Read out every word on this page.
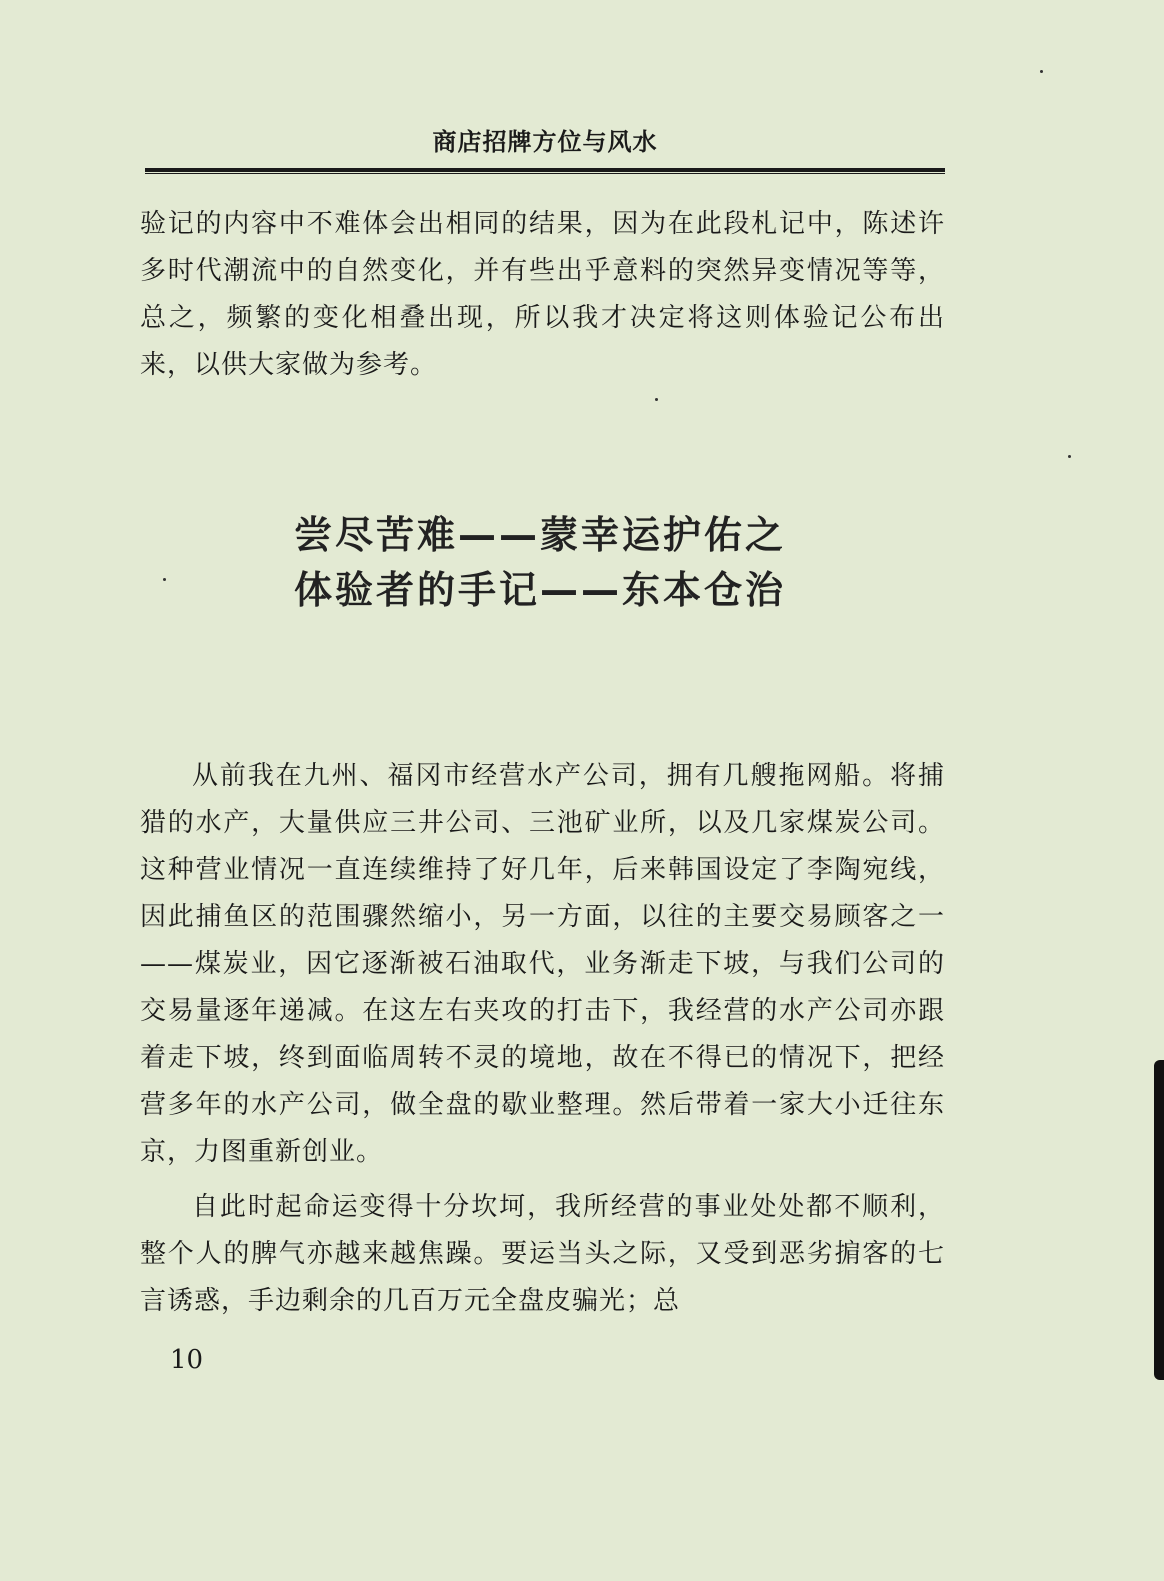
商店招牌方位与风水
验记的内容中不难体会出相同的结果，因为在此段札记中，陈述许多时代潮流中的自然变化，并有些出乎意料的突然异变情况等等，总之，频繁的变化相叠出现，所以我才决定将这则体验记公布出来，以供大家做为参考。
尝尽苦难——蒙幸运护佑之
体验者的手记——东本仓治

从前我在九州、福冈市经营水产公司，拥有几艘拖网船。将捕猎的水产，大量供应三井公司、三池矿业所，以及几家煤炭公司。这种营业情况一直连续维持了好几年，后来韩国设定了李陶宛线，因此捕鱼区的范围骤然缩小，另一方面，以往的主要交易顾客之一——煤炭业，因它逐渐被石油取代，业务渐走下坡，与我们公司的交易量逐年递减。在这左右夹攻的打击下，我经营的水产公司亦跟着走下坡，终到面临周转不灵的境地，故在不得已的情况下，把经营多年的水产公司，做全盘的歇业整理。然后带着一家大小迁往东京，力图重新创业。

自此时起命运变得十分坎坷，我所经营的事业处处都不顺利，整个人的脾气亦越来越焦躁。要运当头之际，又受到恶劣掮客的七言诱惑，手边剩余的几百万元全盘皮骗光；总

10
